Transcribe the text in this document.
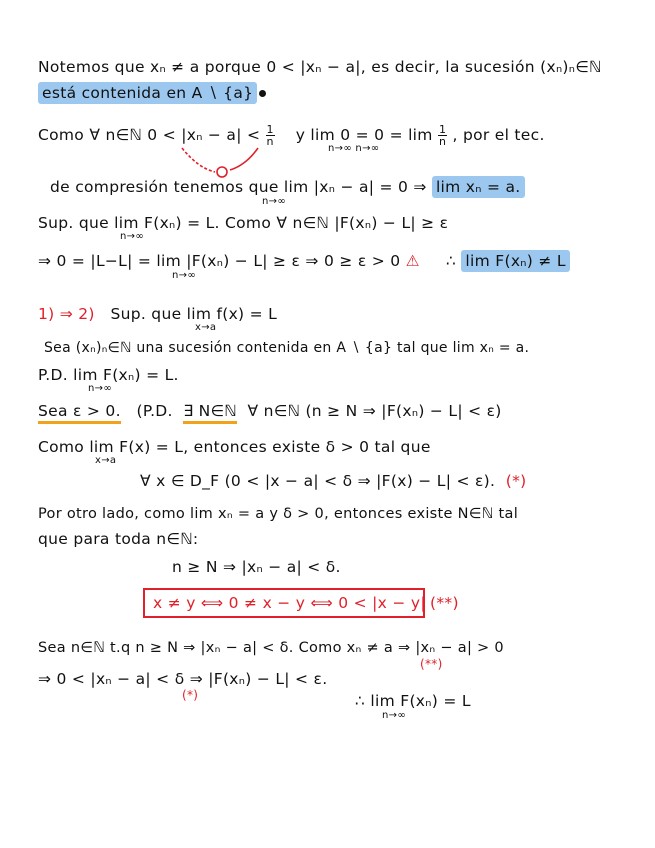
Notemos que xₙ ≠ a porque 0 < |xₙ − a|, es decir, la sucesión (xₙ)ₙ∈ℕ
está contenida en A ∖ {a}
Como ∀ n∈ℕ $0 < |x_n - a| < \frac{1}{n}$ y $\lim 0 = 0 = \lim \frac{1}{n}$ , por el tec.
n→∞ n→∞
de compresión tenemos que lim |xₙ − a| = 0 ⇒ lim xₙ = a.
n→∞
Sup. que lim F(xₙ) = L. Como ∀ n∈ℕ |F(xₙ) − L| ≥ ε
n→∞
⇒ 0 = |L−L| = lim |F(xₙ) − L| ≥ ε ⇒ 0 ≥ ε > 0 ⚠ ∴ lim F(xₙ) ≠ L
n→∞
1) ⇒ 2) Sup. que lim f(x) = L
x→a
Sea (xₙ)ₙ∈ℕ una sucesión contenida en A ∖ {a} tal que lim xₙ = a.
P.D. lim F(xₙ) = L.
n→∞
Sea ε > 0. (P.D. ∃ N∈ℕ ∀ n∈ℕ (n ≥ N ⇒ |F(xₙ) − L| < ε)
Como lim F(x) = L, entonces existe δ > 0 tal que
x→a
∀ x ∈ D_F (0 < |x − a| < δ ⇒ |F(x) − L| < ε). (*)
Por otro lado, como lim xₙ = a y δ > 0, entonces existe N∈ℕ tal
que para toda n∈ℕ:
n ≥ N ⇒ |xₙ − a| < δ.
x ≠ y ⟺ 0 ≠ x − y ⟺ 0 < |x − y| (**)
Sea n∈ℕ t.q n ≥ N ⇒ |xₙ − a| < δ. Como xₙ ≠ a ⇒ |xₙ − a| > 0
(**)
⇒ 0 < |xₙ − a| < δ ⇒ |F(xₙ) − L| < ε.
(*)	∴ lim F(xₙ) = L
n→∞
